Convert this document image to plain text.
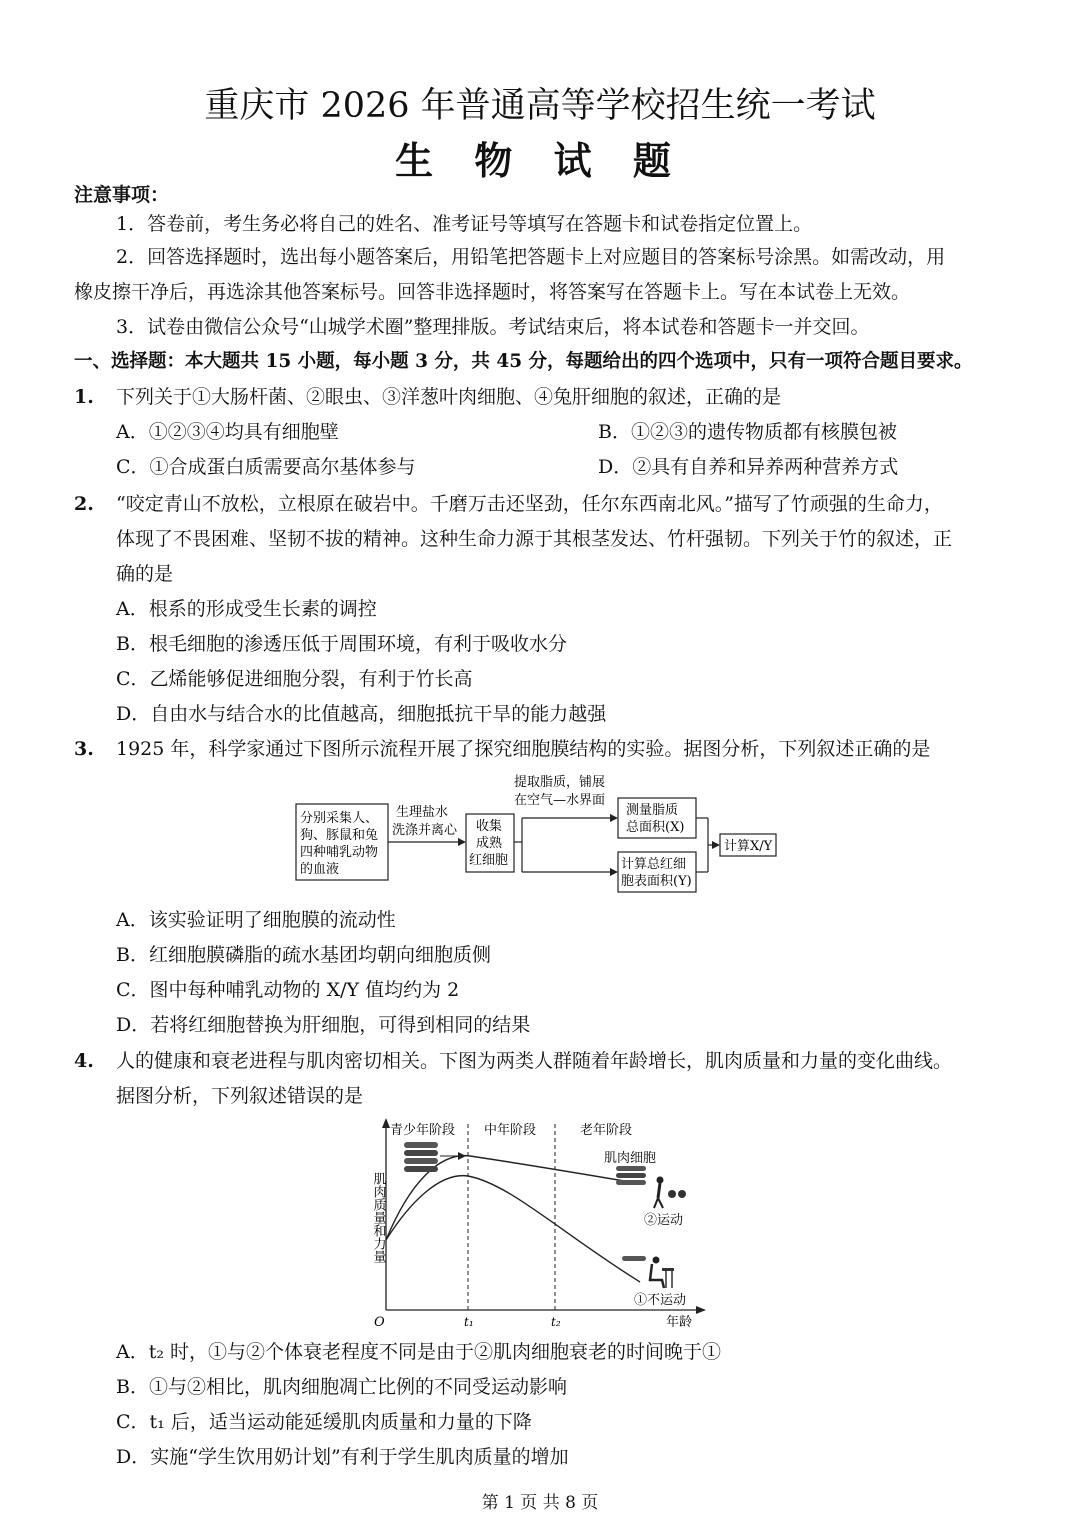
重庆市 2026 年普通高等学校招生统一考试
生 物 试 题
注意事项：
1．答卷前，考生务必将自己的姓名、准考证号等填写在答题卡和试卷指定位置上。
2．回答选择题时，选出每小题答案后，用铅笔把答题卡上对应题目的答案标号涂黑。如需改动，用
橡皮擦干净后，再选涂其他答案标号。回答非选择题时，将答案写在答题卡上。写在本试卷上无效。
3．试卷由微信公众号“山城学术圈”整理排版。考试结束后，将本试卷和答题卡一并交回。
一、选择题：本大题共 15 小题，每小题 3 分，共 45 分，每题给出的四个选项中，只有一项符合题目要求。
1. 下列关于①大肠杆菌、②眼虫、③洋葱叶肉细胞、④兔肝细胞的叙述，正确的是
A．①②③④均具有细胞壁	B．①②③的遗传物质都有核膜包被
C．①合成蛋白质需要高尔基体参与	D．②具有自养和异养两种营养方式
2. “咬定青山不放松，立根原在破岩中。千磨万击还坚劲，任尔东西南北风。”描写了竹顽强的生命力，
体现了不畏困难、坚韧不拔的精神。这种生命力源于其根茎发达、竹杆强韧。下列关于竹的叙述，正
确的是
A．根系的形成受生长素的调控
B．根毛细胞的渗透压低于周围环境，有利于吸收水分
C．乙烯能够促进细胞分裂，有利于竹长高
D．自由水与结合水的比值越高，细胞抵抗干旱的能力越强
3. 1925 年，科学家通过下图所示流程开展了探究细胞膜结构的实验。据图分析，下列叙述正确的是
分别采集人、
狗、豚鼠和兔
四种哺乳动物
的血液
生理盐水
洗涤并离心 收集
成熟
红细胞
提取脂质，铺展
在空气—水界面
测量脂质
总面积(X)
计算总红细
胞表面积(Y)
计算X/Y
A．该实验证明了细胞膜的流动性
B．红细胞膜磷脂的疏水基团均朝向细胞质侧
C．图中每种哺乳动物的 X/Y 值均约为 2
D．若将红细胞替换为肝细胞，可得到相同的结果
4. 人的健康和衰老进程与肌肉密切相关。下图为两类人群随着年龄增长，肌肉质量和力量的变化曲线。
据图分析，下列叙述错误的是
青少年阶段 中年阶段	老年阶段
肌肉质量和力量
肌肉细胞
②运动
①不运动
O	t₁	t₂	年龄
A．t₂ 时，①与②个体衰老程度不同是由于②肌肉细胞衰老的时间晚于①
B．①与②相比，肌肉细胞凋亡比例的不同受运动影响
C．t₁ 后，适当运动能延缓肌肉质量和力量的下降
D．实施“学生饮用奶计划”有利于学生肌肉质量的增加
第 1 页 共 8 页
